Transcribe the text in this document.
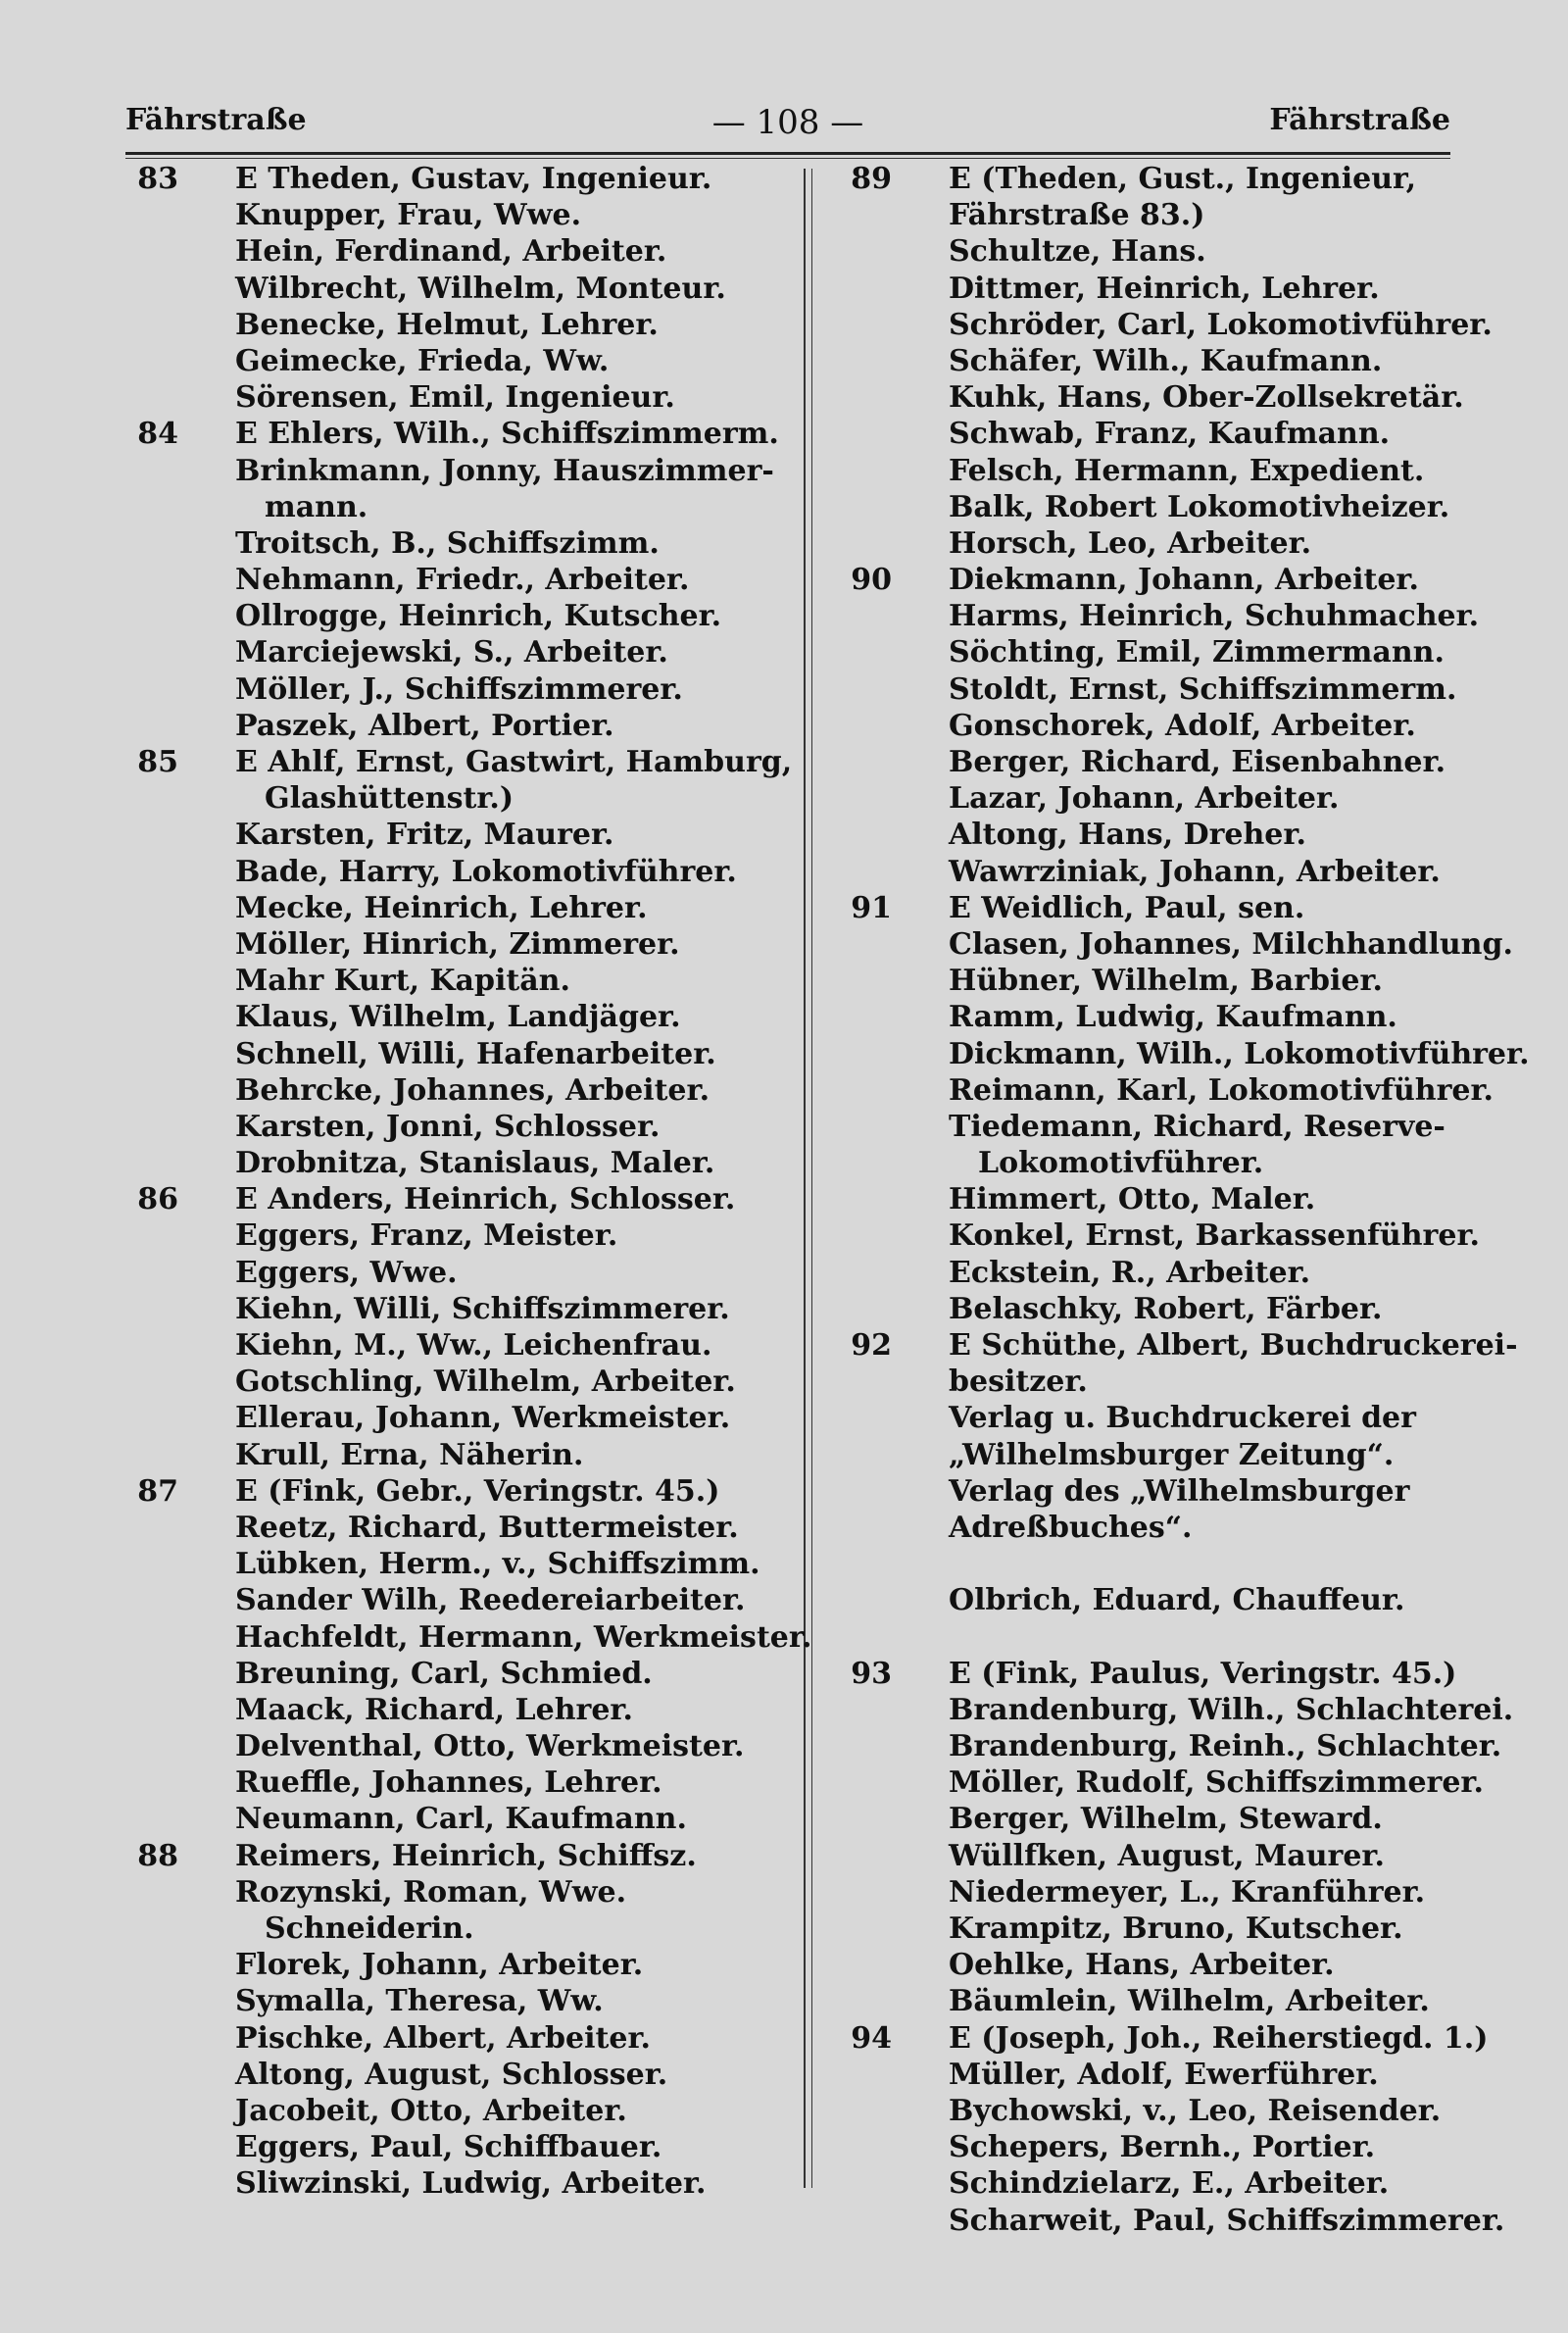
Fährstraße	— 108 —	Fährstraße
83 E Theden, Gustav, Ingenieur.
Knupper, Frau, Wwe.
Hein, Ferdinand, Arbeiter.
Wilbrecht, Wilhelm, Monteur.
Benecke, Helmut, Lehrer.
Geimecke, Frieda, Ww.
Sörensen, Emil, Ingenieur.
84 E Ehlers, Wilh., Schiffszimmerm.
Brinkmann, Jonny, Hauszimmer-
mann.
Troitsch, B., Schiffszimm.
Nehmann, Friedr., Arbeiter.
Ollrogge, Heinrich, Kutscher.
Marciejewski, S., Arbeiter.
Möller, J., Schiffszimmerer.
Paszek, Albert, Portier.
85 E Ahlf, Ernst, Gastwirt, Hamburg,
Glashüttenstr.)
Karsten, Fritz, Maurer.
Bade, Harry, Lokomotivführer.
Mecke, Heinrich, Lehrer.
Möller, Hinrich, Zimmerer.
Mahr Kurt, Kapitän.
Klaus, Wilhelm, Landjäger.
Schnell, Willi, Hafenarbeiter.
Behrcke, Johannes, Arbeiter.
Karsten, Jonni, Schlosser.
Drobnitza, Stanislaus, Maler.
86 E Anders, Heinrich, Schlosser.
Eggers, Franz, Meister.
Eggers, Wwe.
Kiehn, Willi, Schiffszimmerer.
Kiehn, M., Ww., Leichenfrau.
Gotschling, Wilhelm, Arbeiter.
Ellerau, Johann, Werkmeister.
Krull, Erna, Näherin.
87 E (Fink, Gebr., Veringstr. 45.)
Reetz, Richard, Buttermeister.
Lübken, Herm., v., Schiffszimm.
Sander Wilh, Reedereiarbeiter.
Hachfeldt, Hermann, Werkmeister.
Breuning, Carl, Schmied.
Maack, Richard, Lehrer.
Delventhal, Otto, Werkmeister.
Rueffle, Johannes, Lehrer.
Neumann, Carl, Kaufmann.
88 Reimers, Heinrich, Schiffsz.
Rozynski, Roman, Wwe.
Schneiderin.
Florek, Johann, Arbeiter.
Symalla, Theresa, Ww.
Pischke, Albert, Arbeiter.
Altong, August, Schlosser.
Jacobeit, Otto, Arbeiter.
Eggers, Paul, Schiffbauer.
Sliwzinski, Ludwig, Arbeiter.
89 E (Theden, Gust., Ingenieur,
Fährstraße 83.)
Schultze, Hans.
Dittmer, Heinrich, Lehrer.
Schröder, Carl, Lokomotivführer.
Schäfer, Wilh., Kaufmann.
Kuhk, Hans, Ober-Zollsekretär.
Schwab, Franz, Kaufmann.
Felsch, Hermann, Expedient.
Balk, Robert Lokomotivheizer.
Horsch, Leo, Arbeiter.
90 Diekmann, Johann, Arbeiter.
Harms, Heinrich, Schuhmacher.
Söchting, Emil, Zimmermann.
Stoldt, Ernst, Schiffszimmerm.
Gonschorek, Adolf, Arbeiter.
Berger, Richard, Eisenbahner.
Lazar, Johann, Arbeiter.
Altong, Hans, Dreher.
Wawrziniak, Johann, Arbeiter.
91 E Weidlich, Paul, sen.
Clasen, Johannes, Milchhandlung.
Hübner, Wilhelm, Barbier.
Ramm, Ludwig, Kaufmann.
Dickmann, Wilh., Lokomotivführer.
Reimann, Karl, Lokomotivführer.
Tiedemann, Richard, Reserve-
Lokomotivführer.
Himmert, Otto, Maler.
Konkel, Ernst, Barkassenführer.
Eckstein, R., Arbeiter.
Belaschky, Robert, Färber.
92 E Schüthe, Albert, Buchdruckerei-
besitzer.
Verlag u. Buchdruckerei der
„Wilhelmsburger Zeitung“.
Verlag des „Wilhelmsburger
Adreßbuches“.
Olbrich, Eduard, Chauffeur.
93 E (Fink, Paulus, Veringstr. 45.)
Brandenburg, Wilh., Schlachterei.
Brandenburg, Reinh., Schlachter.
Möller, Rudolf, Schiffszimmerer.
Berger, Wilhelm, Steward.
Wüllfken, August, Maurer.
Niedermeyer, L., Kranführer.
Krampitz, Bruno, Kutscher.
Oehlke, Hans, Arbeiter.
Bäumlein, Wilhelm, Arbeiter.
94 E (Joseph, Joh., Reiherstiegd. 1.)
Müller, Adolf, Ewerführer.
Bychowski, v., Leo, Reisender.
Schepers, Bernh., Portier.
Schindzielarz, E., Arbeiter.
Scharweit, Paul, Schiffszimmerer.
